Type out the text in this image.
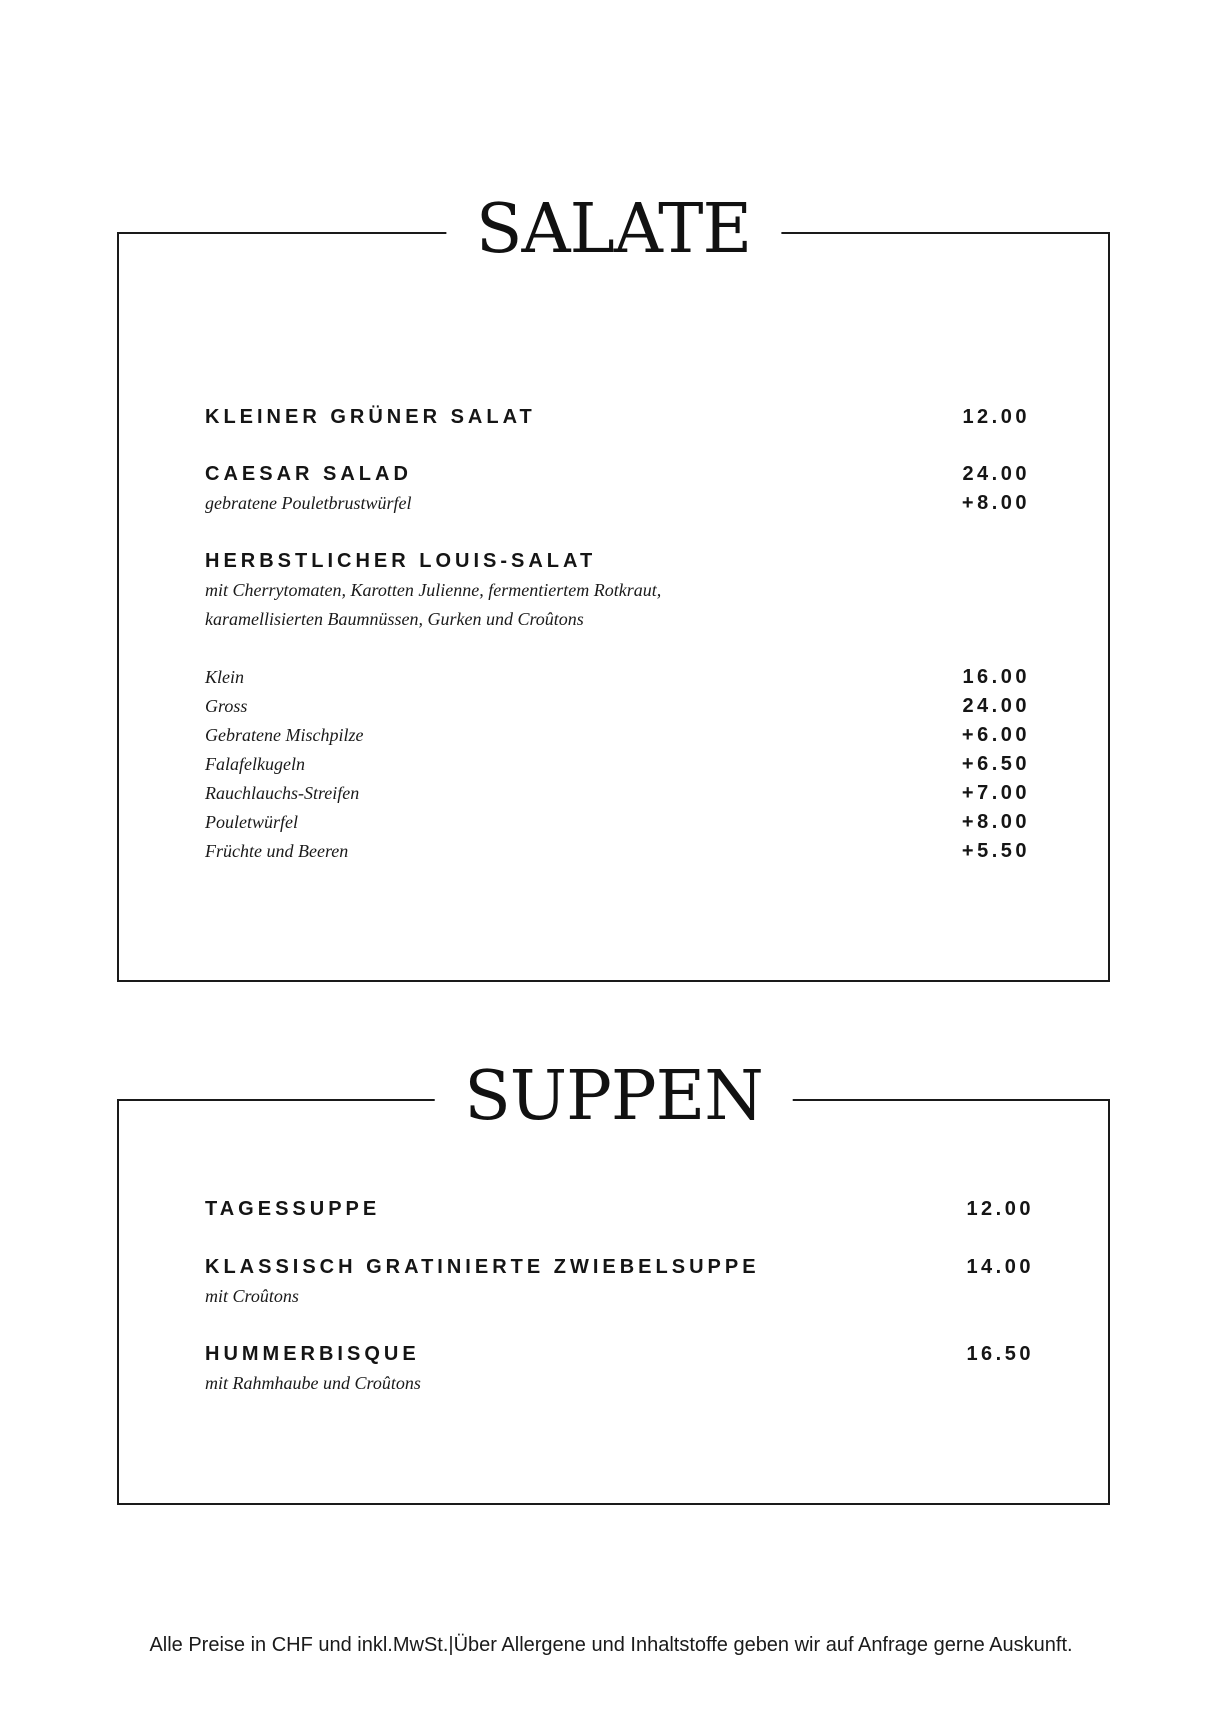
SALATE
KLEINER GRÜNER SALAT	12.00
CAESAR SALAD	24.00
gebratene Pouletbrustwürfel	+8.00
HERBSTLICHER LOUIS-SALAT
mit Cherrytomaten, Karotten Julienne, fermentiertem Rotkraut,
karamellisierten Baumnüssen, Gurken und Croûtons
Klein	16.00
Gross	24.00
Gebratene Mischpilze	+6.00
Falafelkugeln	+6.50
Rauchlauchs-Streifen	+7.00
Pouletwürfel	+8.00
Früchte und Beeren	+5.50
SUPPEN
TAGESSUPPE	12.00
KLASSISCH GRATINIERTE ZWIEBELSUPPE	14.00
mit Croûtons
HUMMERBISQUE	16.50
mit Rahmhaube und Croûtons
Alle Preise in CHF und inkl.MwSt.|Über Allergene und Inhaltstoffe geben wir auf Anfrage gerne Auskunft.
